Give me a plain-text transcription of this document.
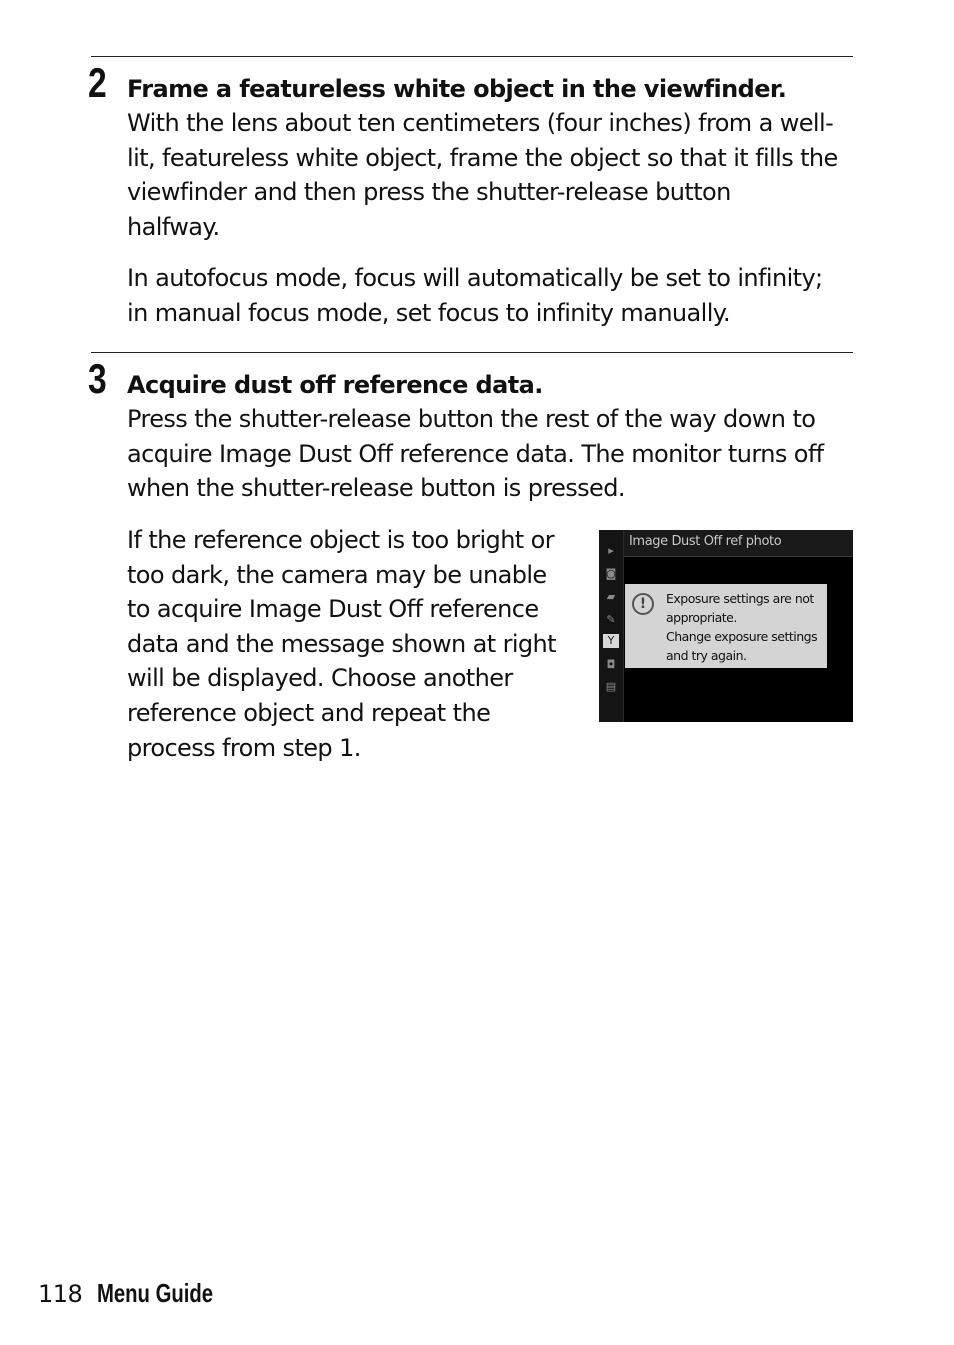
2 Frame a featureless white object in the viewfinder.
With the lens about ten centimeters (four inches) from a well-
lit, featureless white object, frame the object so that it fills the
viewfinder and then press the shutter-release button
halfway.
In autofocus mode, focus will automatically be set to infinity;
in manual focus mode, set focus to infinity manually.
3 Acquire dust off reference data.
Press the shutter-release button the rest of the way down to
acquire Image Dust Off reference data. The monitor turns off
when the shutter-release button is pressed.
If the reference object is too bright or
too dark, the camera may be unable
to acquire Image Dust Off reference
data and the message shown at right
will be displayed. Choose another
reference object and repeat the
process from step 1.
▸
◙
▰
✎
Y
◘
▤
Image Dust Off ref photo
!	Exposure settings are not
appropriate.
Change exposure settings
and try again.
118 Menu Guide
